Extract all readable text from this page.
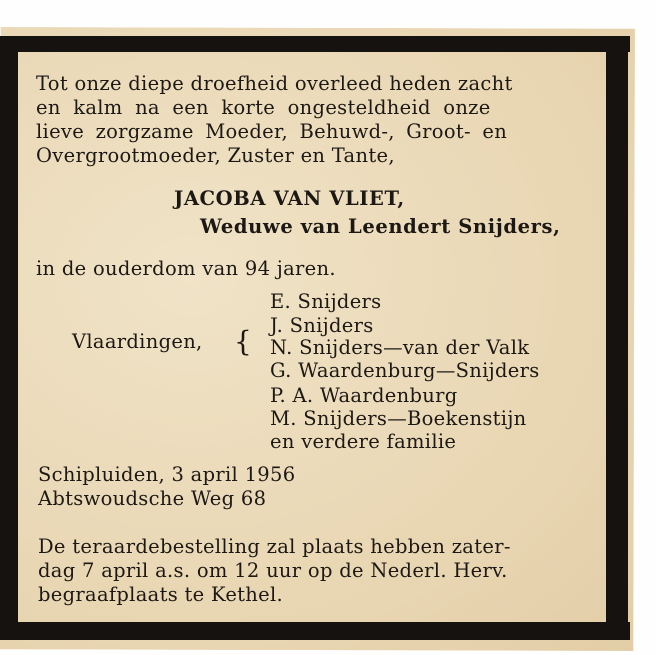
Tot onze diepe droefheid overleed heden zacht
en kalm na een korte ongesteldheid onze
lieve zorgzame Moeder, Behuwd-, Groot- en
Overgrootmoeder, Zuster en Tante,
JACOBA VAN VLIET,
Weduwe van Leendert Snijders,
in de ouderdom van 94 jaren.
Vlaardingen, {
E. Snijders
J. Snijders
N. Snijders—van der Valk
G. Waardenburg—Snijders
P. A. Waardenburg
M. Snijders—Boekenstijn
en verdere familie
Schipluiden, 3 april 1956
Abtswoudsche Weg 68
De teraardebestelling zal plaats hebben zater-
dag 7 april a.s. om 12 uur op de Nederl. Herv.
begraafplaats te Kethel.
